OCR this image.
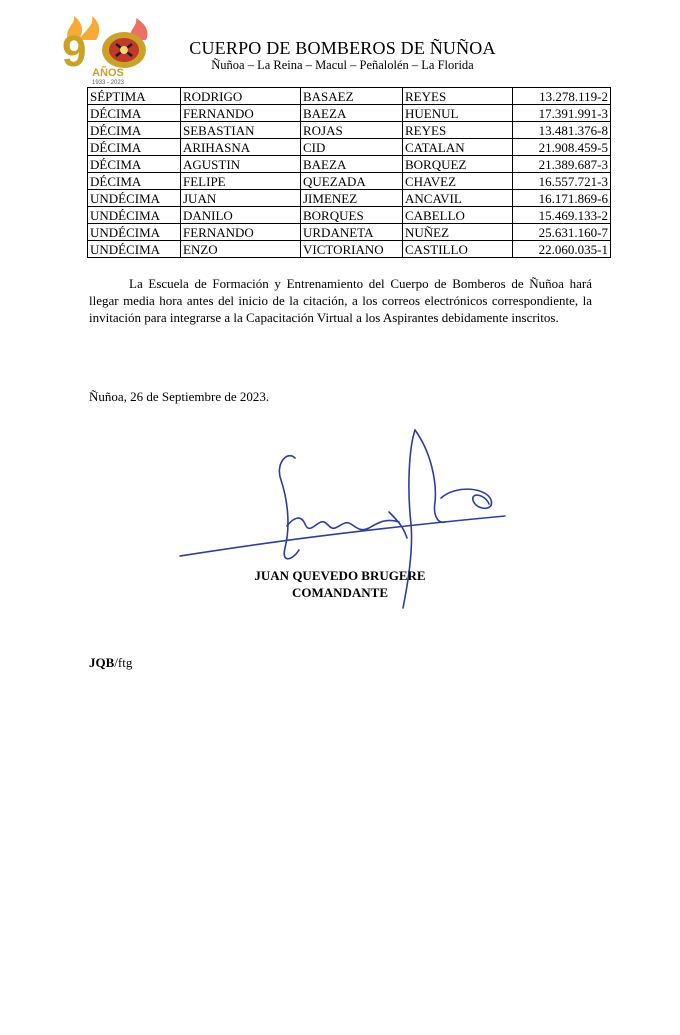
9 AÑOS
1933 - 2023
CUERPO DE BOMBEROS DE ÑUÑOA

Ñuñoa – La Reina – Macul – Peñalolén – La Florida

SÉPTIMA	RODRIGO	BASAEZ	REYES	13.278.119-2
DÉCIMA	FERNANDO	BAEZA	HUENUL	17.391.991-3
DÉCIMA	SEBASTIAN	ROJAS	REYES	13.481.376-8
DÉCIMA	ARIHASNA	CID	CATALAN	21.908.459-5
DÉCIMA	AGUSTIN	BAEZA	BORQUEZ	21.389.687-3
DÉCIMA	FELIPE	QUEZADA	CHAVEZ	16.557.721-3
UNDÉCIMA	JUAN	JIMENEZ	ANCAVIL	16.171.869-6
UNDÉCIMA	DANILO	BORQUES	CABELLO	15.469.133-2
UNDÉCIMA	FERNANDO	URDANETA	NUÑEZ	25.631.160-7
UNDÉCIMA	ENZO	VICTORIANO	CASTILLO	22.060.035-1

La Escuela de Formación y Entrenamiento del Cuerpo de Bomberos de Ñuñoa hará llegar media hora antes del inicio de la citación, a los correos electrónicos correspondiente, la invitación para integrarse a la Capacitación Virtual a los Aspirantes debidamente inscritos.

Ñuñoa, 26 de Septiembre de 2023.

JUAN QUEVEDO BRUGERE

COMANDANTE

JQB/ftg
